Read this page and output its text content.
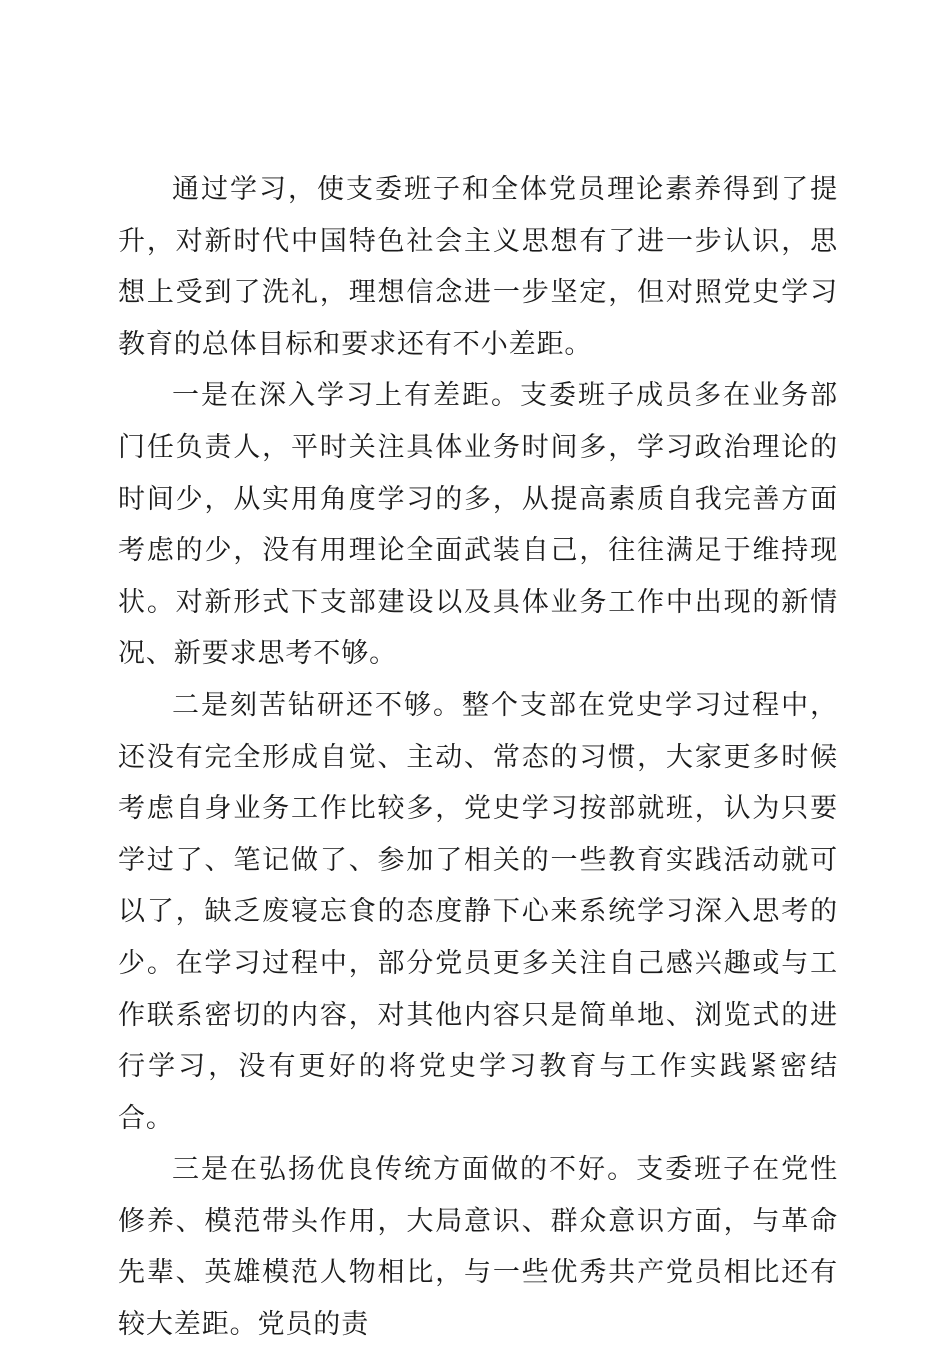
通过学习，使支委班子和全体党员理论素养得到了提升，对新时代中国特色社会主义思想有了进一步认识，思想上受到了洗礼，理想信念进一步坚定，但对照党史学习教育的总体目标和要求还有不小差距。

一是在深入学习上有差距。支委班子成员多在业务部门任负责人，平时关注具体业务时间多，学习政治理论的时间少，从实用角度学习的多，从提高素质自我完善方面考虑的少，没有用理论全面武装自己，往往满足于维持现状。对新形式下支部建设以及具体业务工作中出现的新情况、新要求思考不够。

二是刻苦钻研还不够。整个支部在党史学习过程中，还没有完全形成自觉、主动、常态的习惯，大家更多时候考虑自身业务工作比较多，党史学习按部就班，认为只要学过了、笔记做了、参加了相关的一些教育实践活动就可以了，缺乏废寝忘食的态度静下心来系统学习深入思考的少。在学习过程中，部分党员更多关注自己感兴趣或与工作联系密切的内容，对其他内容只是简单地、浏览式的进行学习，没有更好的将党史学习教育与工作实践紧密结合。

三是在弘扬优良传统方面做的不好。支委班子在党性修养、模范带头作用，大局意识、群众意识方面，与革命先辈、英雄模范人物相比，与一些优秀共产党员相比还有较大差距。党员的责
